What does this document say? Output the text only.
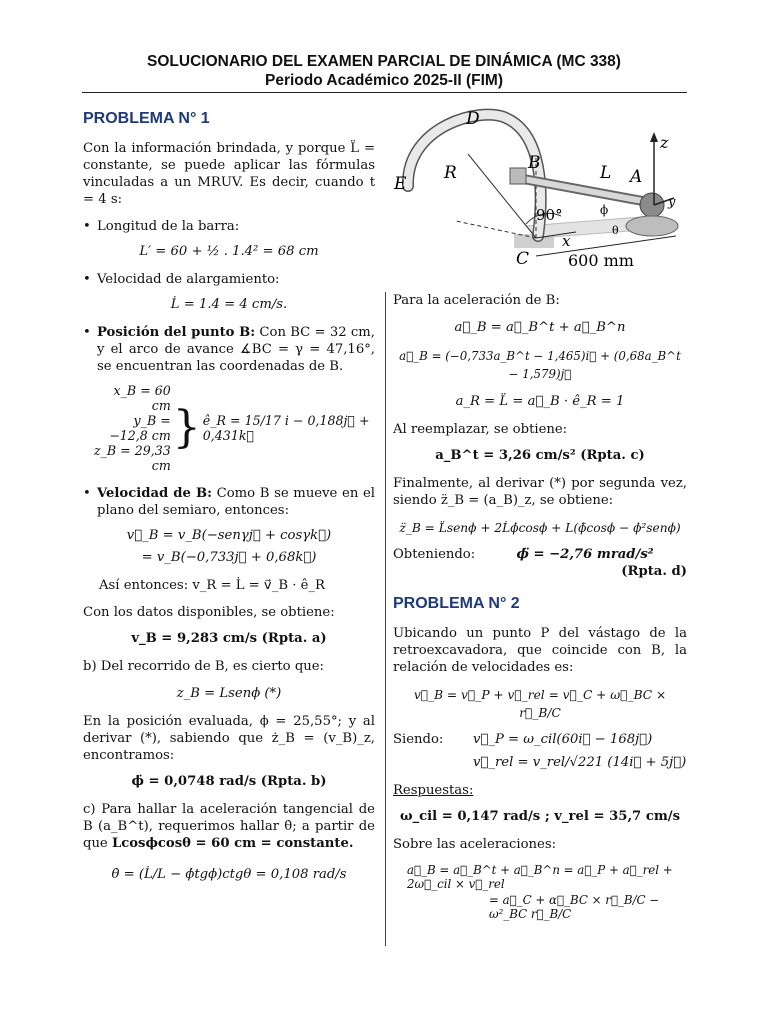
SOLUCIONARIO DEL EXAMEN PARCIAL DE DINÁMICA (MC 338)
Periodo Académico 2025-II (FIM)
PROBLEMA N° 1

Con la información brindada, y porque L̈ = constante, se puede aplicar las fórmulas vinculadas a un MRUV. Es decir, cuando t = 4 s:

• Longitud de la barra:
L′ = 60 + ½ . 1.4² = 68 cm
• Velocidad de alargamiento:
L̇ = 1.4 = 4 cm/s.
• Posición del punto B: Con BC = 32 cm, y el arco de avance ∡BC = γ = 47,16°, se encuentran las coordenadas de B.
x_B = 60 cm
y_B = −12,8 cm
z_B = 29,33 cm
} ê_R = 15/17 i − 0,188j⃗ + 0,431k⃗
• Velocidad de B: Como B se mueve en el plano del semiaro, entonces:
v⃗_B = v_B(−senγj⃗ + cosγk⃗)
= v_B(−0,733j⃗ + 0,68k⃗)

Así entonces: v_R = L̇ = v⃗_B · ê_R

Con los datos disponibles, se obtiene:

v_B = 9,283 cm/s (Rpta. a)

b) Del recorrido de B, es cierto que:

z_B = Lsenϕ (*)

En la posición evaluada, ϕ = 25,55°; y al derivar (*), sabiendo que ż_B = (v_B)_z, encontramos:

ϕ̇ = 0,0748 rad/s (Rpta. b)

c) Para hallar la aceleración tangencial de B (a_B^t), requerimos hallar θ̇; a partir de que Lcosϕcosθ = 60 cm = constante.

θ̇ = (L̇/L − ϕ̇tgϕ)ctgθ = 0,108 rad/s
D
E
R	B	L A
z
y
x
90°	ϕ
θ
C 600 mm

Para la aceleración de B:

a⃗_B = a⃗_B^t + a⃗_B^n
a⃗_B = (−0,733a_B^t − 1,465)i⃗ + (0,68a_B^t − 1,579)j⃗
a_R = L̈ = a⃗_B · ê_R = 1

Al reemplazar, se obtiene:

a_B^t = 3,26 cm/s² (Rpta. c)

Finalmente, al derivar (*) por segunda vez, siendo z̈_B = (a_B)_z, se obtiene:

z̈_B = L̈senϕ + 2L̇ϕ̇cosϕ + L(ϕ̈cosϕ − ϕ̇²senϕ)
Obteniendo:	ϕ̈ = −2,76 mrad/s²
(Rpta. d)
PROBLEMA N° 2

Ubicando un punto P del vástago de la retroexcavadora, que coincide con B, la relación de velocidades es:

v⃗_B = v⃗_P + v⃗_rel = v⃗_C + ω⃗_BC × r⃗_B/C
Siendo:	v⃗_P = ω_cil(60i⃗ − 168j⃗)
v⃗_rel = v_rel/√221 (14i⃗ + 5j⃗)

Respuestas:

ω_cil = 0,147 rad/s ; v_rel = 35,7 cm/s

Sobre las aceleraciones:

a⃗_B = a⃗_B^t + a⃗_B^n = a⃗_P + a⃗_rel + 2ω⃗_cil × v⃗_rel
= a⃗_C + α⃗_BC × r⃗_B/C − ω²_BC r⃗_B/C
